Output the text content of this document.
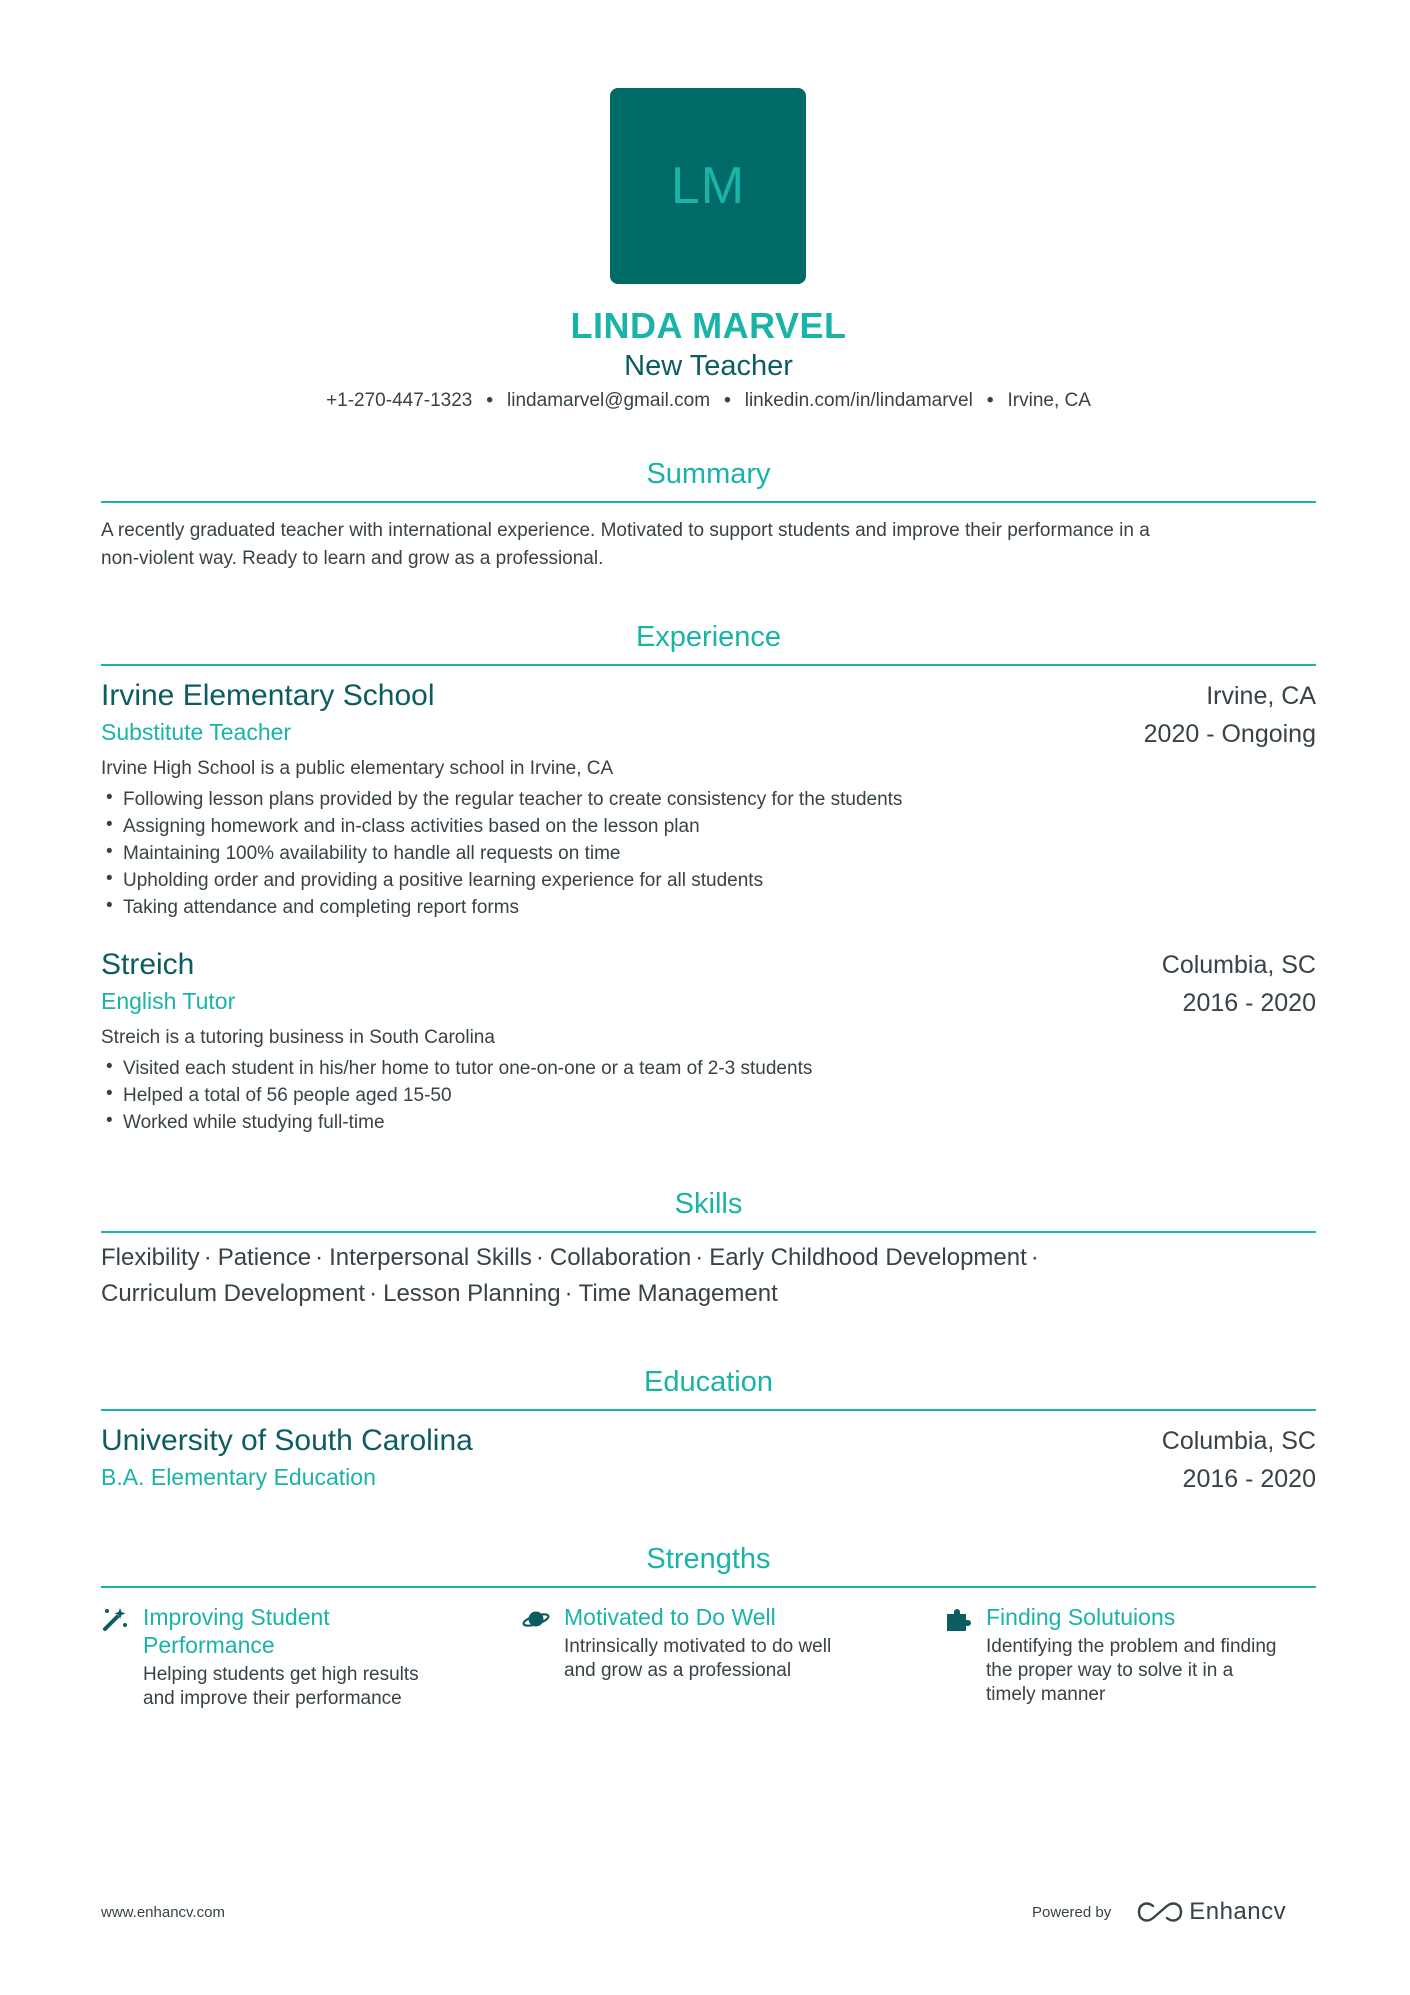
LM
LINDA MARVEL
New Teacher
+1-270-447-1323 • lindamarvel@gmail.com • linkedin.com/in/lindamarvel • Irvine, CA
Summary
A recently graduated teacher with international experience. Motivated to support students and improve their performance in a
non-violent way. Ready to learn and grow as a professional.
Experience
Irvine Elementary School
Substitute Teacher
Irvine, CA
2020 - Ongoing
Irvine High School is a public elementary school in Irvine, CA
• Following lesson plans provided by the regular teacher to create consistency for the students
• Assigning homework and in-class activities based on the lesson plan
• Maintaining 100% availability to handle all requests on time
• Upholding order and providing a positive learning experience for all students
• Taking attendance and completing report forms
Streich
English Tutor
Columbia, SC
2016 - 2020
Streich is a tutoring business in South Carolina
• Visited each student in his/her home to tutor one-on-one or a team of 2-3 students
• Helped a total of 56 people aged 15-50
• Worked while studying full-time
Skills
Flexibility · Patience · Interpersonal Skills · Collaboration · Early Childhood Development ·
Curriculum Development · Lesson Planning · Time Management
Education
University of South Carolina
B.A. Elementary Education
Columbia, SC
2016 - 2020
Strengths
Improving Student
Performance
Helping students get high results
and improve their performance
Motivated to Do Well
Intrinsically motivated to do well
and grow as a professional
Finding Solutuions
Identifying the problem and finding
the proper way to solve it in a
timely manner
www.enhancv.com	Powered by	Enhancv
